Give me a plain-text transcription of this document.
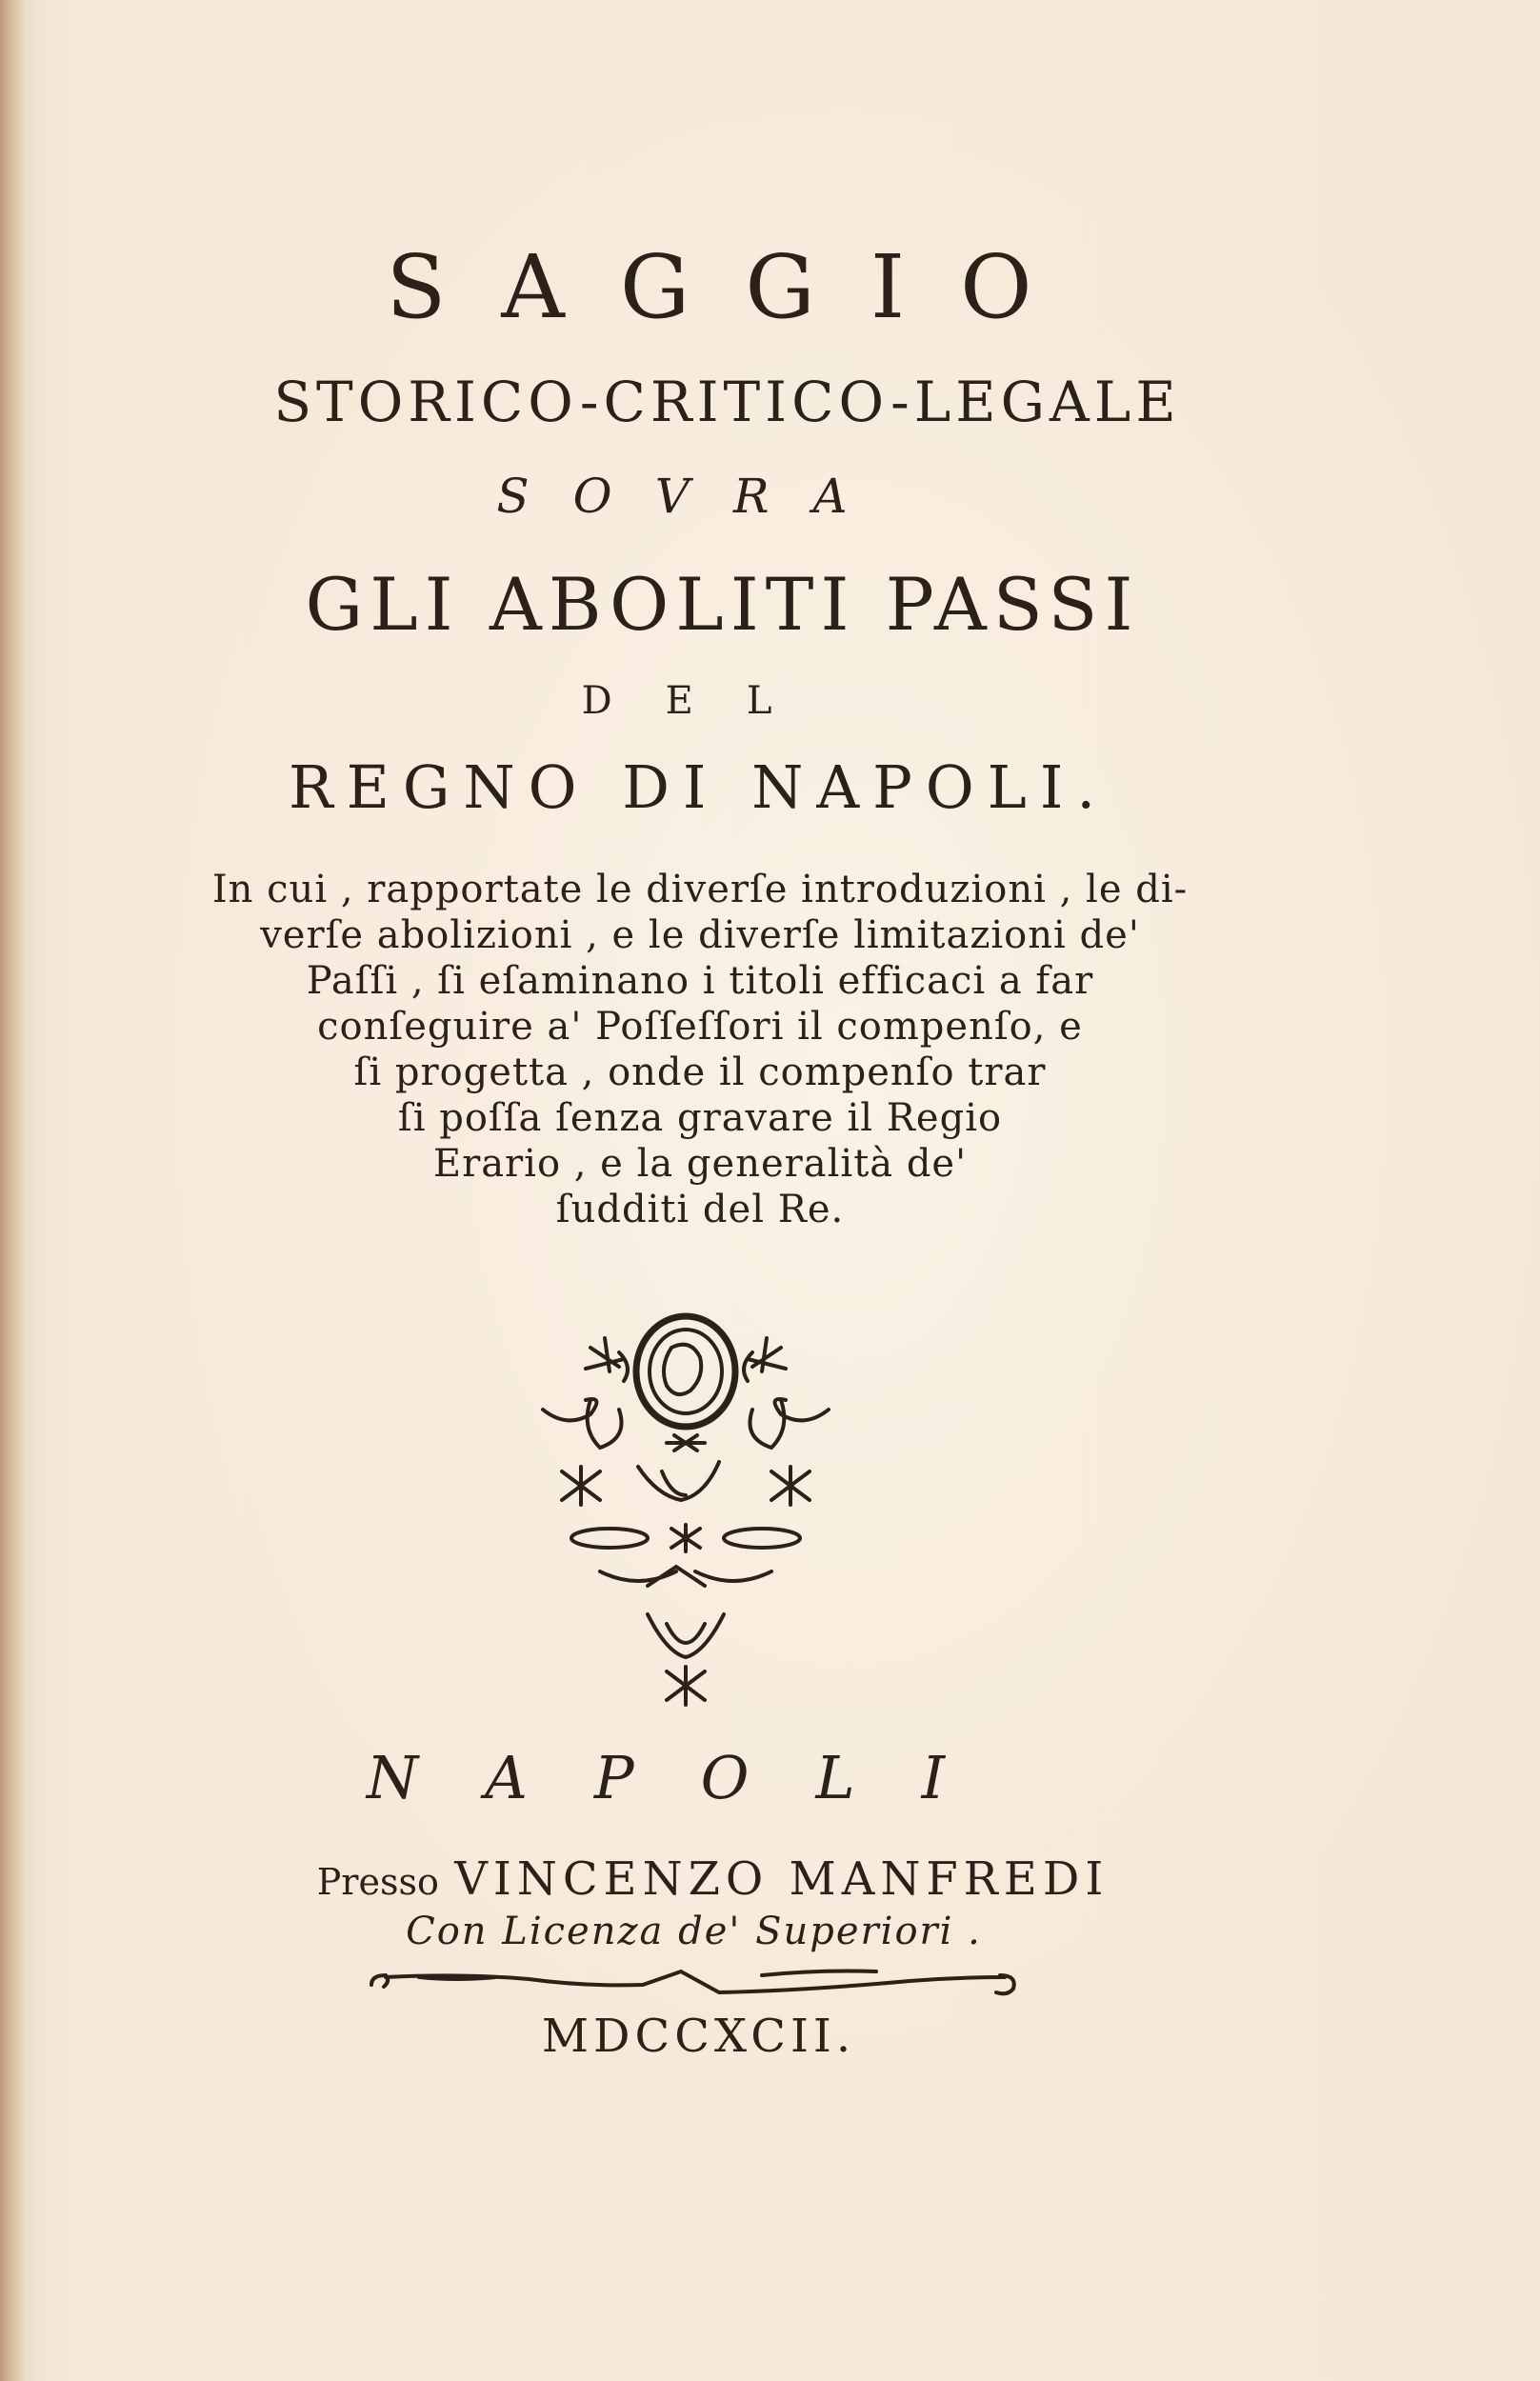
SAGGIO

STORICO-CRITICO-LEGALE

SOVRA

GLI ABOLITI PASSI

DEL

REGNO DI NAPOLI.

In cui , rapportate le diverſe introduzioni , le di-
verſe abolizioni , e le diverſe limitazioni de'
Paſſi , ſi eſaminano i titoli efficaci a far
conſeguire a' Poſſeſſori il compenſo, e
ſi progetta , onde il compenſo trar
ſi poſſa ſenza gravare il Regio
Erario , e la generalità de'
ſudditi del Re.

NAPOLI

Presso VINCENZO MANFREDI

Con Licenza de' Superiori .

MDCCXCII.
